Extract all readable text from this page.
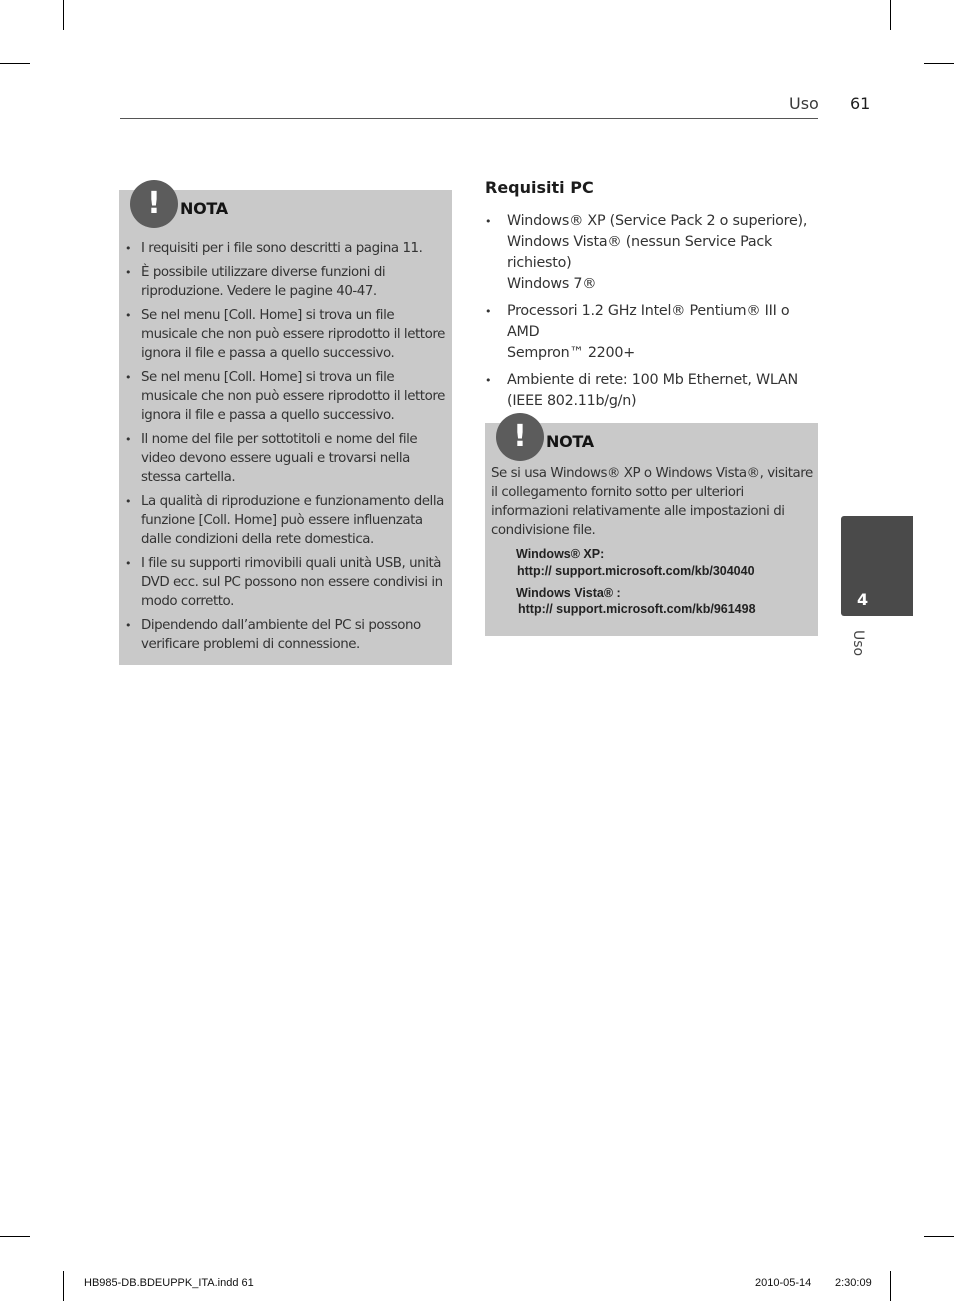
Uso 61
!	NOTA
• I requisiti per i file sono descritti a pagina 11.
• È possibile utilizzare diverse funzioni di riproduzione. Vedere le pagine 40-47.
• Se nel menu [Coll. Home] si trova un file musicale che non può essere riprodotto il lettore ignora il file e passa a quello successivo.
• Se nel menu [Coll. Home] si trova un file musicale che non può essere riprodotto il lettore ignora il file e passa a quello successivo.
• Il nome del file per sottotitoli e nome del file video devono essere uguali e trovarsi nella stessa cartella.
• La qualità di riproduzione e funzionamento della funzione [Coll. Home] può essere influenzata dalle condizioni della rete domestica.
• I file su supporti rimovibili quali unità USB, unità DVD ecc. sul PC possono non essere condivisi in modo corretto.
• Dipendendo dall’ambiente del PC si possono verificare problemi di connessione.
Requisiti PC
• Windows® XP (Service Pack 2 o superiore),
Windows Vista® (nessun Service Pack
richiesto)
Windows 7®
• Processori 1.2 GHz Intel® Pentium® III o AMD
Sempron™ 2200+
• Ambiente di rete: 100 Mb Ethernet, WLAN
(IEEE 802.11b/g/n)
!	NOTA

Se si usa Windows® XP o Windows Vista®, visitare il collegamento fornito sotto per ulteriori informazioni relativamente alle impostazioni di condivisione file.

Windows® XP:
http:// support.microsoft.com/kb/304040
Windows Vista® :
http:// support.microsoft.com/kb/961498	4
Uso
HB985-DB.BDEUPPK_ITA.indd 61	2010-05-14 2:30:09
